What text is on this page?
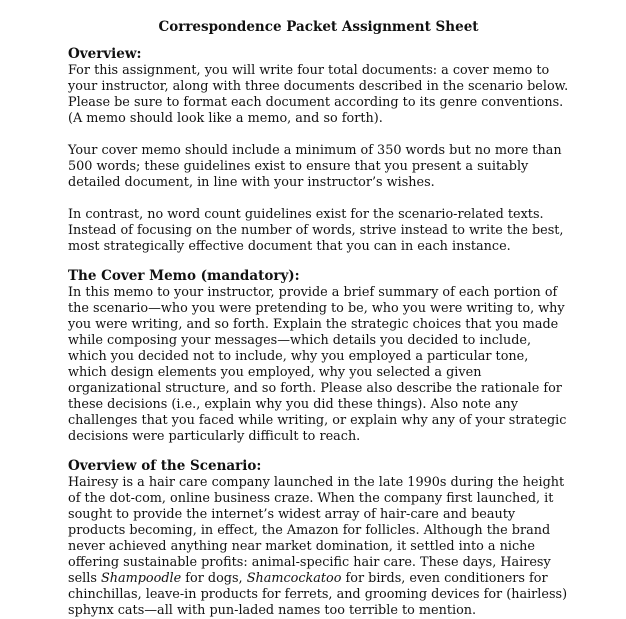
Correspondence Packet Assignment Sheet
Overview:

For this assignment, you will write four total documents: a cover memo to your instructor, along with three documents described in the scenario below. Please be sure to format each document according to its genre conventions. (A memo should look like a memo, and so forth).

Your cover memo should include a minimum of 350 words but no more than 500 words; these guidelines exist to ensure that you present a suitably detailed document, in line with your instructor’s wishes.

In contrast, no word count guidelines exist for the scenario-related texts. Instead of focusing on the number of words, strive instead to write the best, most strategically effective document that you can in each instance.

The Cover Memo (mandatory):

In this memo to your instructor, provide a brief summary of each portion of the scenario—who you were pretending to be, who you were writing to, why you were writing, and so forth. Explain the strategic choices that you made while composing your messages—which details you decided to include, which you decided not to include, why you employed a particular tone, which design elements you employed, why you selected a given organizational structure, and so forth. Please also describe the rationale for these decisions (i.e., explain why you did these things). Also note any challenges that you faced while writing, or explain why any of your strategic decisions were particularly difficult to reach.

Overview of the Scenario:

Hairesy is a hair care company launched in the late 1990s during the height of the dot-com, online business craze. When the company first launched, it sought to provide the internet’s widest array of hair-care and beauty products becoming, in effect, the Amazon for follicles. Although the brand never achieved anything near market domination, it settled into a niche offering sustainable profits: animal-specific hair care. These days, Hairesy sells Shampoodle for dogs, Shamcockatoo for birds, even conditioners for chinchillas, leave-in products for ferrets, and grooming devices for (hairless) sphynx cats—all with pun-laded names too terrible to mention.
